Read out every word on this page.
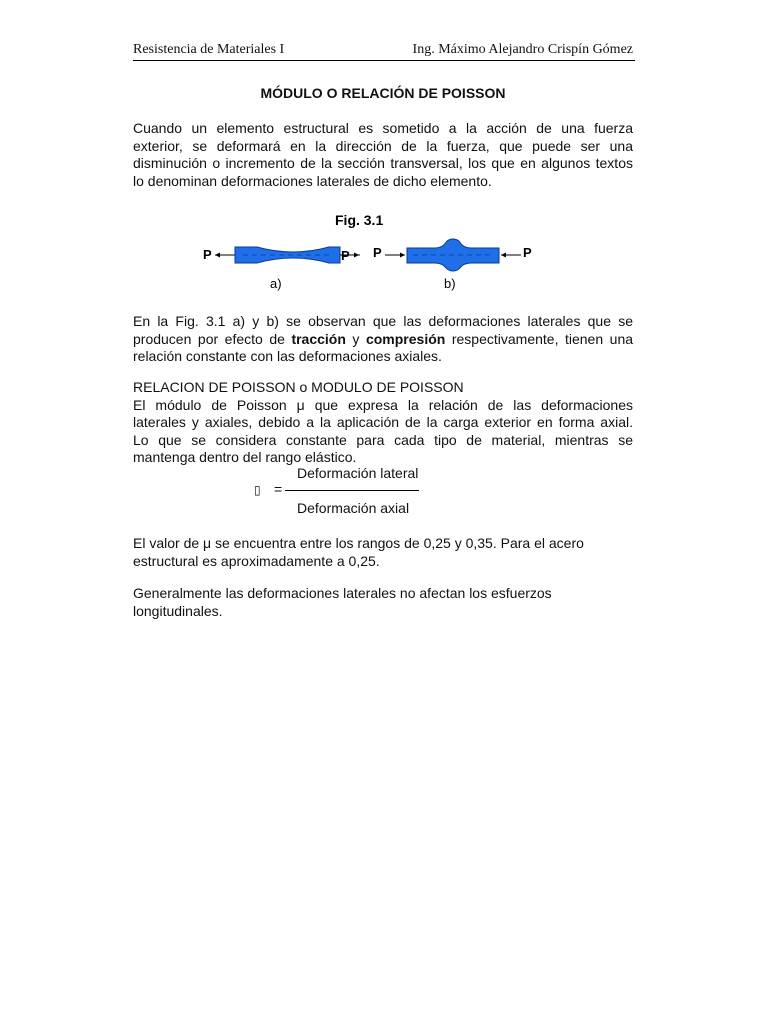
Resistencia de Materiales I	Ing. Máximo Alejandro Crispín Gómez
MÓDULO O RELACIÓN DE POISSON

Cuando un elemento estructural es sometido a la acción de una fuerza
exterior, se deformará en la dirección de la fuerza, que puede ser una
disminución o incremento de la sección transversal, los que en algunos textos
lo denominan deformaciones laterales de dicho elemento.

Fig. 3.1
P	P
a)
P	P
b)

En la Fig. 3.1 a) y b) se observan que las deformaciones laterales que se
producen por efecto de tracción y compresión respectivamente, tienen una
relación constante con las deformaciones axiales.

RELACION DE POISSON o MODULO DE POISSON
El módulo de Poisson μ que expresa la relación de las deformaciones
laterales y axiales, debido a la aplicación de la carga exterior en forma axial.
Lo que se considera constante para cada tipo de material, mientras se
mantenga dentro del rango elástico.

Deformación lateral
▯ =
Deformación axial

El valor de μ se encuentra entre los rangos de 0,25 y 0,35. Para el acero
estructural es aproximadamente a 0,25.

Generalmente las deformaciones laterales no afectan los esfuerzos
longitudinales.
